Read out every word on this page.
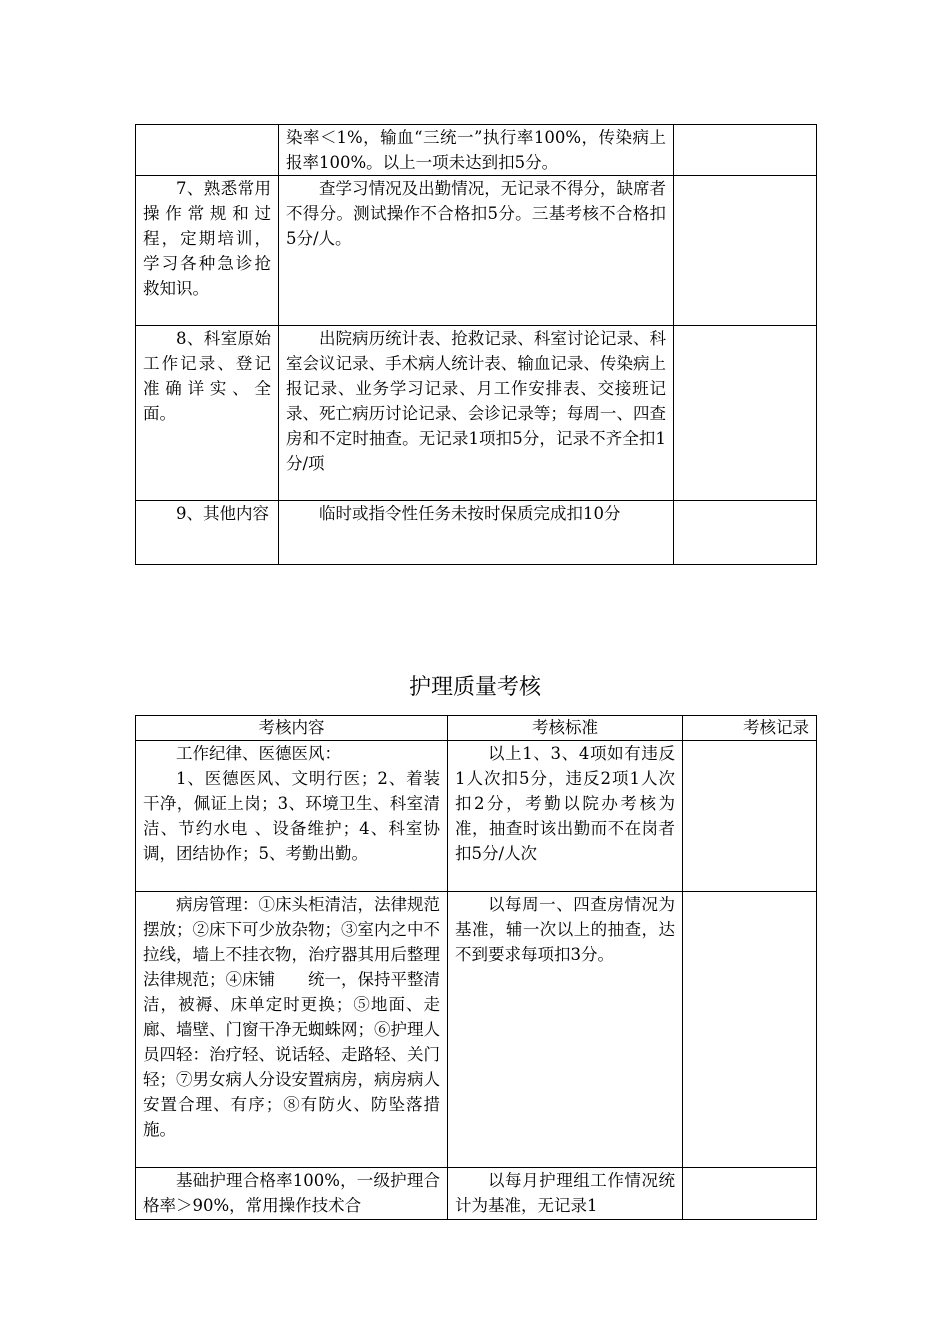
	染率＜1%，输血“三统一”执行率100%，传染病上报率100%。以上一项未达到扣5分。	
7、熟悉常用操作常规和过程，定期培训，学习各种急诊抢救知识。	查学习情况及出勤情况，无记录不得分，缺席者不得分。测试操作不合格扣5分。三基考核不合格扣5分/人。	
8、科室原始工作记录、登记准确详实、全面。	出院病历统计表、抢救记录、科室讨论记录、科室会议记录、手术病人统计表、输血记录、传染病上报记录、业务学习记录、月工作安排表、交接班记录、死亡病历讨论记录、会诊记录等；每周一、四查房和不定时抽查。无记录1项扣5分，记录不齐全扣1分/项	
9、其他内容	临时或指令性任务未按时保质完成扣10分	
护理质量考核
考核内容	考核标准	考核记录

工作纪律、医德医风：
1、医德医风、文明行医；2、着装干净，佩证上岗；3、环境卫生、科室清洁、节约水电 、设备维护；4、科室协调，团结协作；5、考勤出勤。	以上1、3、4项如有违反1人次扣5分，违反2项1人次扣2分，考勤以院办考核为准，抽查时该出勤而不在岗者扣5分/人次	
病房管理：①床头柜清洁，法律规范摆放；②床下可少放杂物；③室内之中不拉线，墙上不挂衣物，治疗器其用后整理法律规范；④床铺　　统一，保持平整清洁，被褥、床单定时更换；⑤地面、走廊、墙壁、门窗干净无蜘蛛网；⑥护理人员四轻：治疗轻、说话轻、走路轻、关门轻；⑦男女病人分设安置病房，病房病人安置合理、有序；⑧有防火、防坠落措施。	以每周一、四查房情况为基准，辅一次以上的抽查，达不到要求每项扣3分。	
基础护理合格率100%，一级护理合格率＞90%，常用操作技术合	以每月护理组工作情况统计为基准，无记录1	
